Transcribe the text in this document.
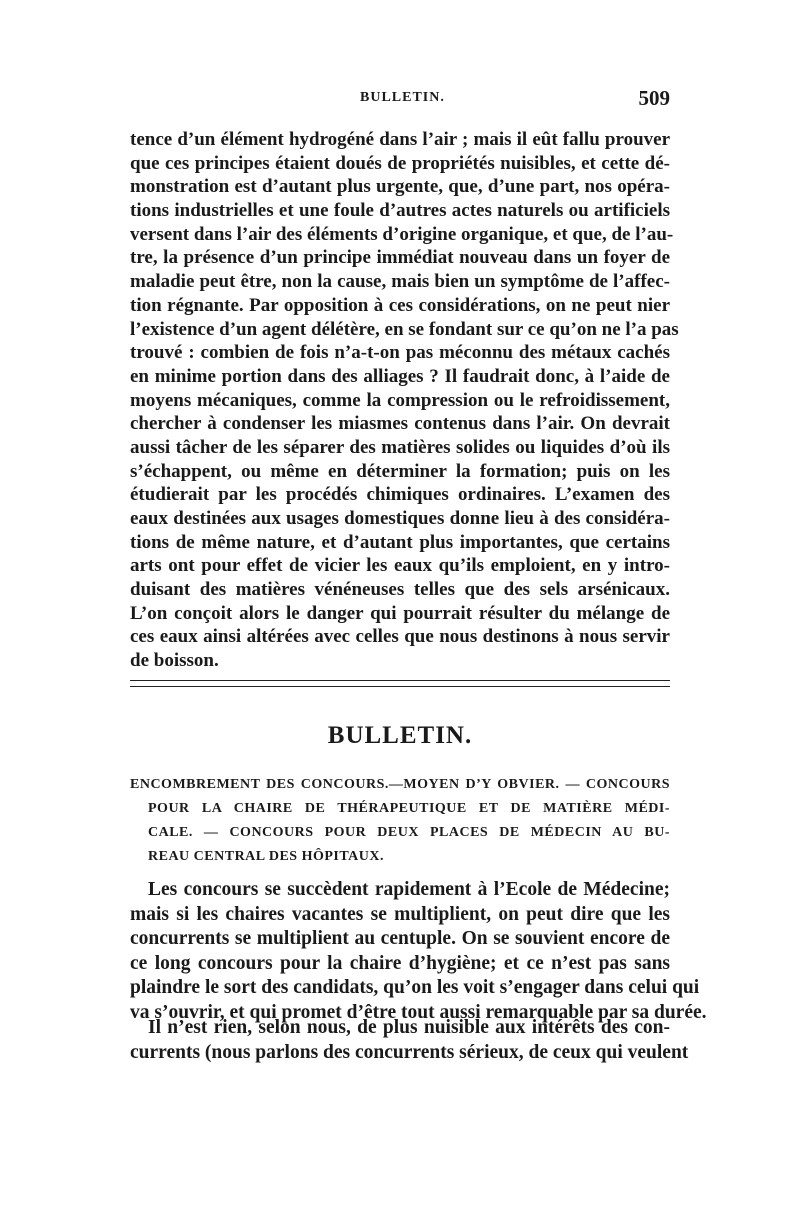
BULLETIN.	509

tence d’un élément hydrogéné dans l’air ; mais il eût fallu prouver
que ces principes étaient doués de propriétés nuisibles, et cette dé-
monstration est d’autant plus urgente, que, d’une part, nos opéra-
tions industrielles et une foule d’autres actes naturels ou artificiels
versent dans l’air des éléments d’origine organique, et que, de l’au-
tre, la présence d’un principe immédiat nouveau dans un foyer de
maladie peut être, non la cause, mais bien un symptôme de l’affec-
tion régnante. Par opposition à ces considérations, on ne peut nier
l’existence d’un agent délétère, en se fondant sur ce qu’on ne l’a pas
trouvé : combien de fois n’a-t-on pas méconnu des métaux cachés
en minime portion dans des alliages ? Il faudrait donc, à l’aide de
moyens mécaniques, comme la compression ou le refroidissement,
chercher à condenser les miasmes contenus dans l’air. On devrait
aussi tâcher de les séparer des matières solides ou liquides d’où ils
s’échappent, ou même en déterminer la formation; puis on les
étudierait par les procédés chimiques ordinaires. L’examen des
eaux destinées aux usages domestiques donne lieu à des considéra-
tions de même nature, et d’autant plus importantes, que certains
arts ont pour effet de vicier les eaux qu’ils emploient, en y intro-
duisant des matières vénéneuses telles que des sels arsénicaux.
L’on conçoit alors le danger qui pourrait résulter du mélange de
ces eaux ainsi altérées avec celles que nous destinons à nous servir
de boisson.

BULLETIN.
ENCOMBREMENT DES CONCOURS.—MOYEN D’Y OBVIER. — CONCOURS
POUR LA CHAIRE DE THÉRAPEUTIQUE ET DE MATIÈRE MÉDI-
CALE. — CONCOURS POUR DEUX PLACES DE MÉDECIN AU BU-
REAU CENTRAL DES HÔPITAUX.

Les concours se succèdent rapidement à l’Ecole de Médecine;
mais si les chaires vacantes se multiplient, on peut dire que les
concurrents se multiplient au centuple. On se souvient encore de
ce long concours pour la chaire d’hygiène; et ce n’est pas sans
plaindre le sort des candidats, qu’on les voit s’engager dans celui qui
va s’ouvrir, et qui promet d’être tout aussi remarquable par sa durée.

Il n’est rien, selon nous, de plus nuisible aux intérêts des con-
currents (nous parlons des concurrents sérieux, de ceux qui veulent
